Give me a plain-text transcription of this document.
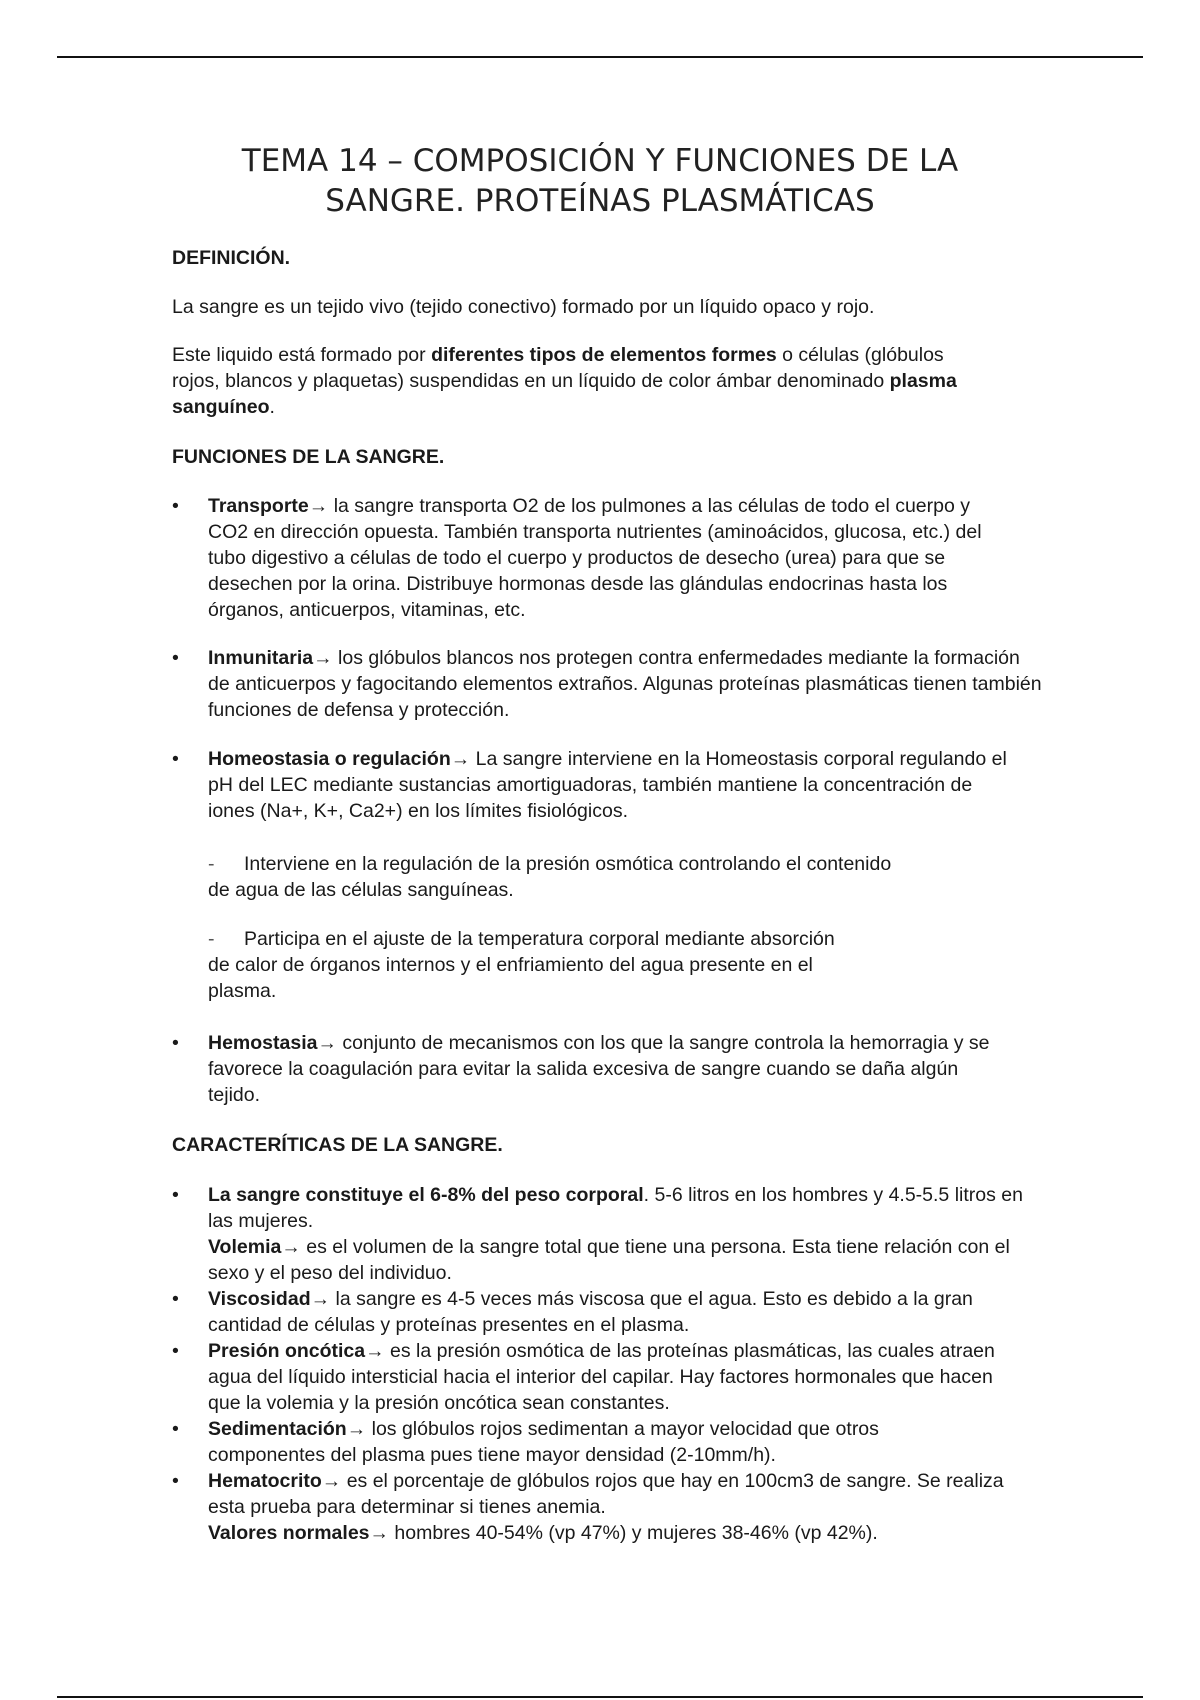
TEMA 14 – COMPOSICIÓN Y FUNCIONES DE LA
SANGRE. PROTEÍNAS PLASMÁTICAS

DEFINICIÓN.

La sangre es un tejido vivo (tejido conectivo) formado por un líquido opaco y rojo.

Este liquido está formado por diferentes tipos de elementos formes o células (glóbulos rojos, blancos y plaquetas) suspendidas en un líquido de color ámbar denominado plasma sanguíneo.

FUNCIONES DE LA SANGRE.

•	Transporte→ la sangre transporta O2 de los pulmones a las células de todo el cuerpo y CO2 en dirección opuesta. También transporta nutrientes (aminoácidos, glucosa, etc.) del tubo digestivo a células de todo el cuerpo y productos de desecho (urea) para que se desechen por la orina. Distribuye hormonas desde las glándulas endocrinas hasta los órganos, anticuerpos, vitaminas, etc.
•	Inmunitaria→ los glóbulos blancos nos protegen contra enfermedades mediante la formación de anticuerpos y fagocitando elementos extraños. Algunas proteínas plasmáticas tienen también funciones de defensa y protección.
•	Homeostasia o regulación→ La sangre interviene en la Homeostasis corporal regulando el pH del LEC mediante sustancias amortiguadoras, también mantiene la concentración de iones (Na+, K+, Ca2+) en los límites fisiológicos.
- Interviene en la regulación de la presión osmótica controlando el contenido de agua de las células sanguíneas.
- Participa en el ajuste de la temperatura corporal mediante absorción de calor de órganos internos y el enfriamiento del agua presente en el plasma.
•	Hemostasia→ conjunto de mecanismos con los que la sangre controla la hemorragia y se favorece la coagulación para evitar la salida excesiva de sangre cuando se daña algún tejido.

CARACTERÍTICAS DE LA SANGRE.

•	La sangre constituye el 6-8% del peso corporal. 5-6 litros en los hombres y 4.5-5.5 litros en las mujeres.
Volemia→ es el volumen de la sangre total que tiene una persona. Esta tiene relación con el sexo y el peso del individuo.
•	Viscosidad→ la sangre es 4-5 veces más viscosa que el agua. Esto es debido a la gran cantidad de células y proteínas presentes en el plasma.
•	Presión oncótica→ es la presión osmótica de las proteínas plasmáticas, las cuales atraen agua del líquido intersticial hacia el interior del capilar. Hay factores hormonales que hacen que la volemia y la presión oncótica sean constantes.
•	Sedimentación→ los glóbulos rojos sedimentan a mayor velocidad que otros componentes del plasma pues tiene mayor densidad (2-10mm/h).
•	Hematocrito→ es el porcentaje de glóbulos rojos que hay en 100cm3 de sangre. Se realiza esta prueba para determinar si tienes anemia.
Valores normales→ hombres 40-54% (vp 47%) y mujeres 38-46% (vp 42%).
